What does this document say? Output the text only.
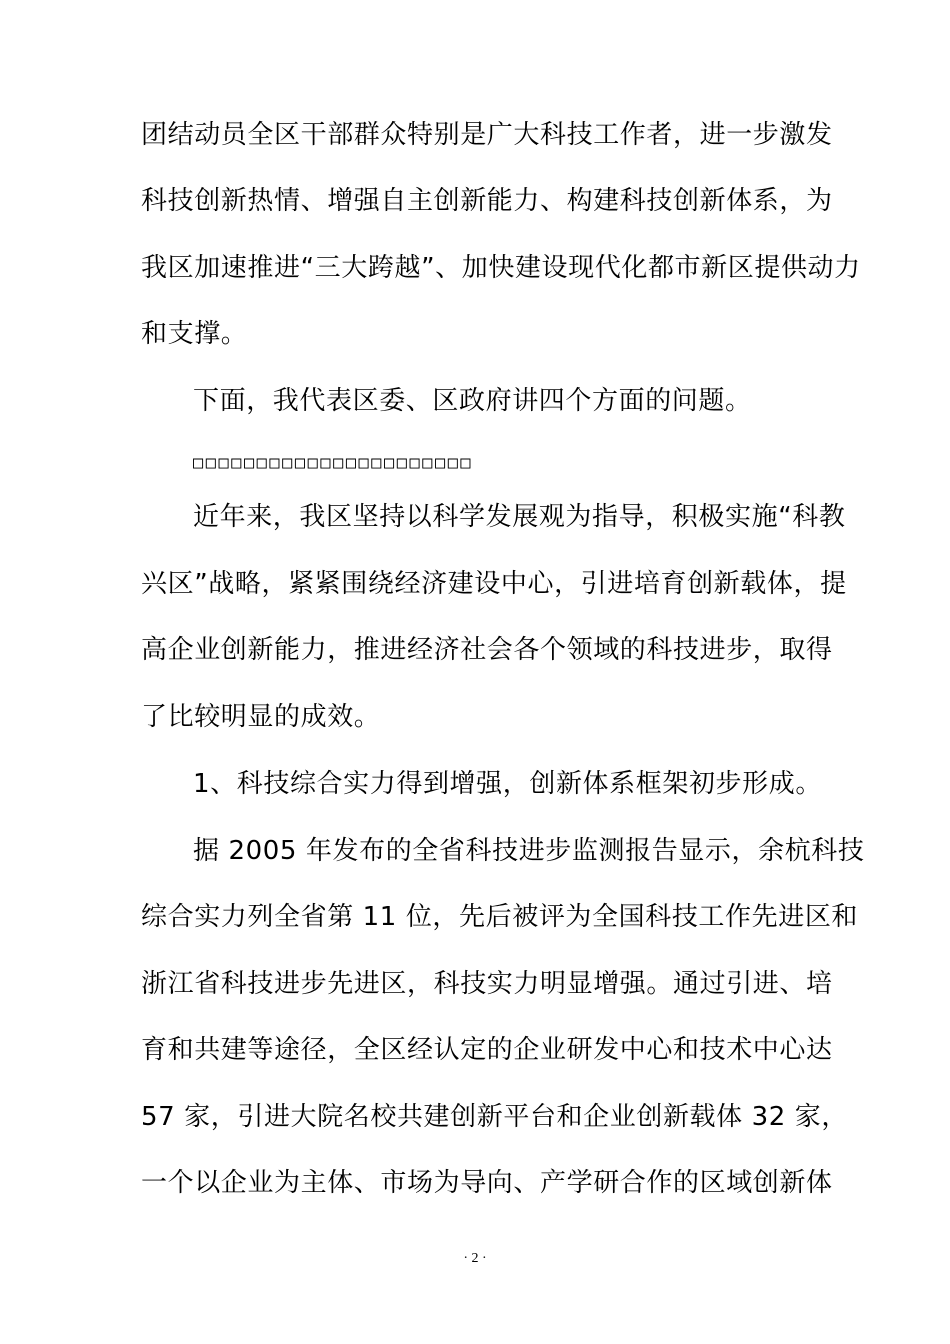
团结动员全区干部群众特别是广大科技工作者，进一步激发
科技创新热情、增强自主创新能力、构建科技创新体系，为
我区加速推进“三大跨越”、加快建设现代化都市新区提供动力
和支撑。
下面，我代表区委、区政府讲四个方面的问题。
□□□□□□□□□□□□□□□□□□□□□□
近年来，我区坚持以科学发展观为指导，积极实施“科教
兴区”战略，紧紧围绕经济建设中心，引进培育创新载体，提
高企业创新能力，推进经济社会各个领域的科技进步，取得
了比较明显的成效。
1、科技综合实力得到增强，创新体系框架初步形成。
据 2005 年发布的全省科技进步监测报告显示，余杭科技
综合实力列全省第 11 位，先后被评为全国科技工作先进区和
浙江省科技进步先进区，科技实力明显增强。通过引进、培
育和共建等途径，全区经认定的企业研发中心和技术中心达
57 家，引进大院名校共建创新平台和企业创新载体 32 家，
一个以企业为主体、市场为导向、产学研合作的区域创新体
· 2 ·
